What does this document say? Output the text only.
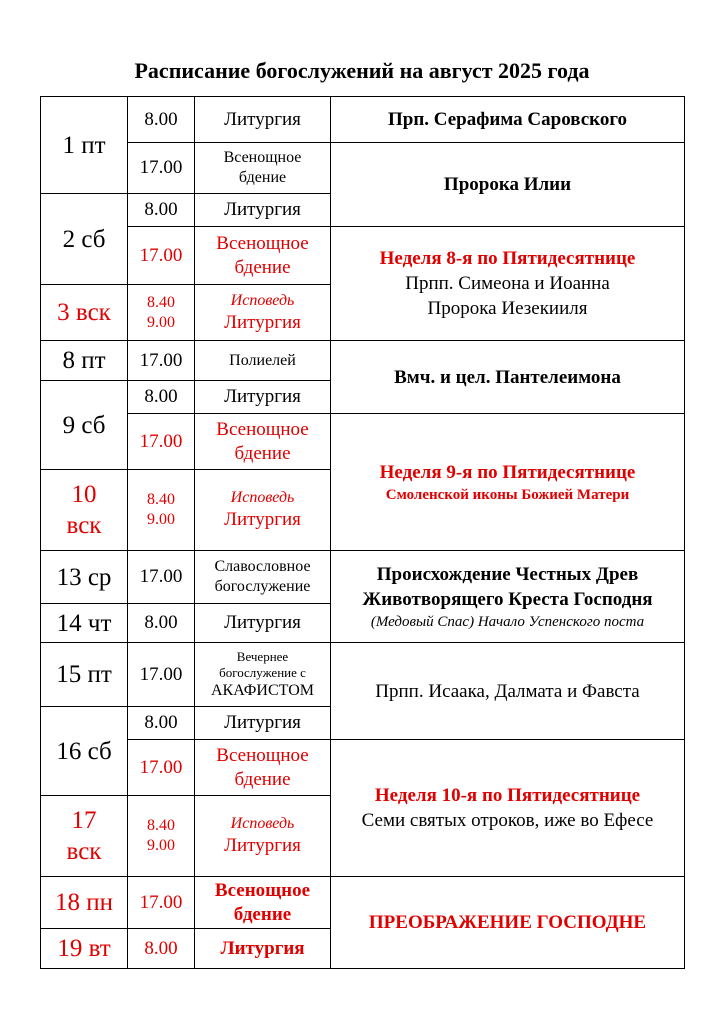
Расписание богослужений на август 2025 года
1 пт
2 сб
3 вск
8 пт
9 сб
10
вск
13 ср
14 чт
15 пт
16 сб
17
вск
18 пн
19 вт
8.00 Литургия
17.00	Всенощное
бдение
8.00 Литургия
17.00
Всенощное
бдение
8.40
9.00
Исповедь
Литургия
17.00	Полиелей
8.00 Литургия
17.00
Всенощное
бдение
8.40
9.00
Исповедь
Литургия
17.00 Славословное
богослужение
8.00 Литургия
17.00
Вечернее
богослужение с
АКАФИСТОМ
8.00 Литургия
17.00
Всенощное
бдение
8.40
9.00
Исповедь
Литургия
17.00
Всенощное
бдение
8.00 Литургия
Прп. Серафима Саровского
Пророка Илии
Неделя 8-я по Пятидесятнице
Прпп. Симеона и Иоанна
Пророка Иезекииля
Вмч. и цел. Пантелеимона
Неделя 9-я по Пятидесятнице
Смоленской иконы Божией Матери
Происхождение Честных Древ
Животворящего Креста Господня
(Медовый Спас) Начало Успенского поста
Прпп. Исаака, Далмата и Фавста
Неделя 10-я по Пятидесятнице
Семи святых отроков, иже во Ефесе
ПРЕОБРАЖЕНИЕ ГОСПОДНЕ
